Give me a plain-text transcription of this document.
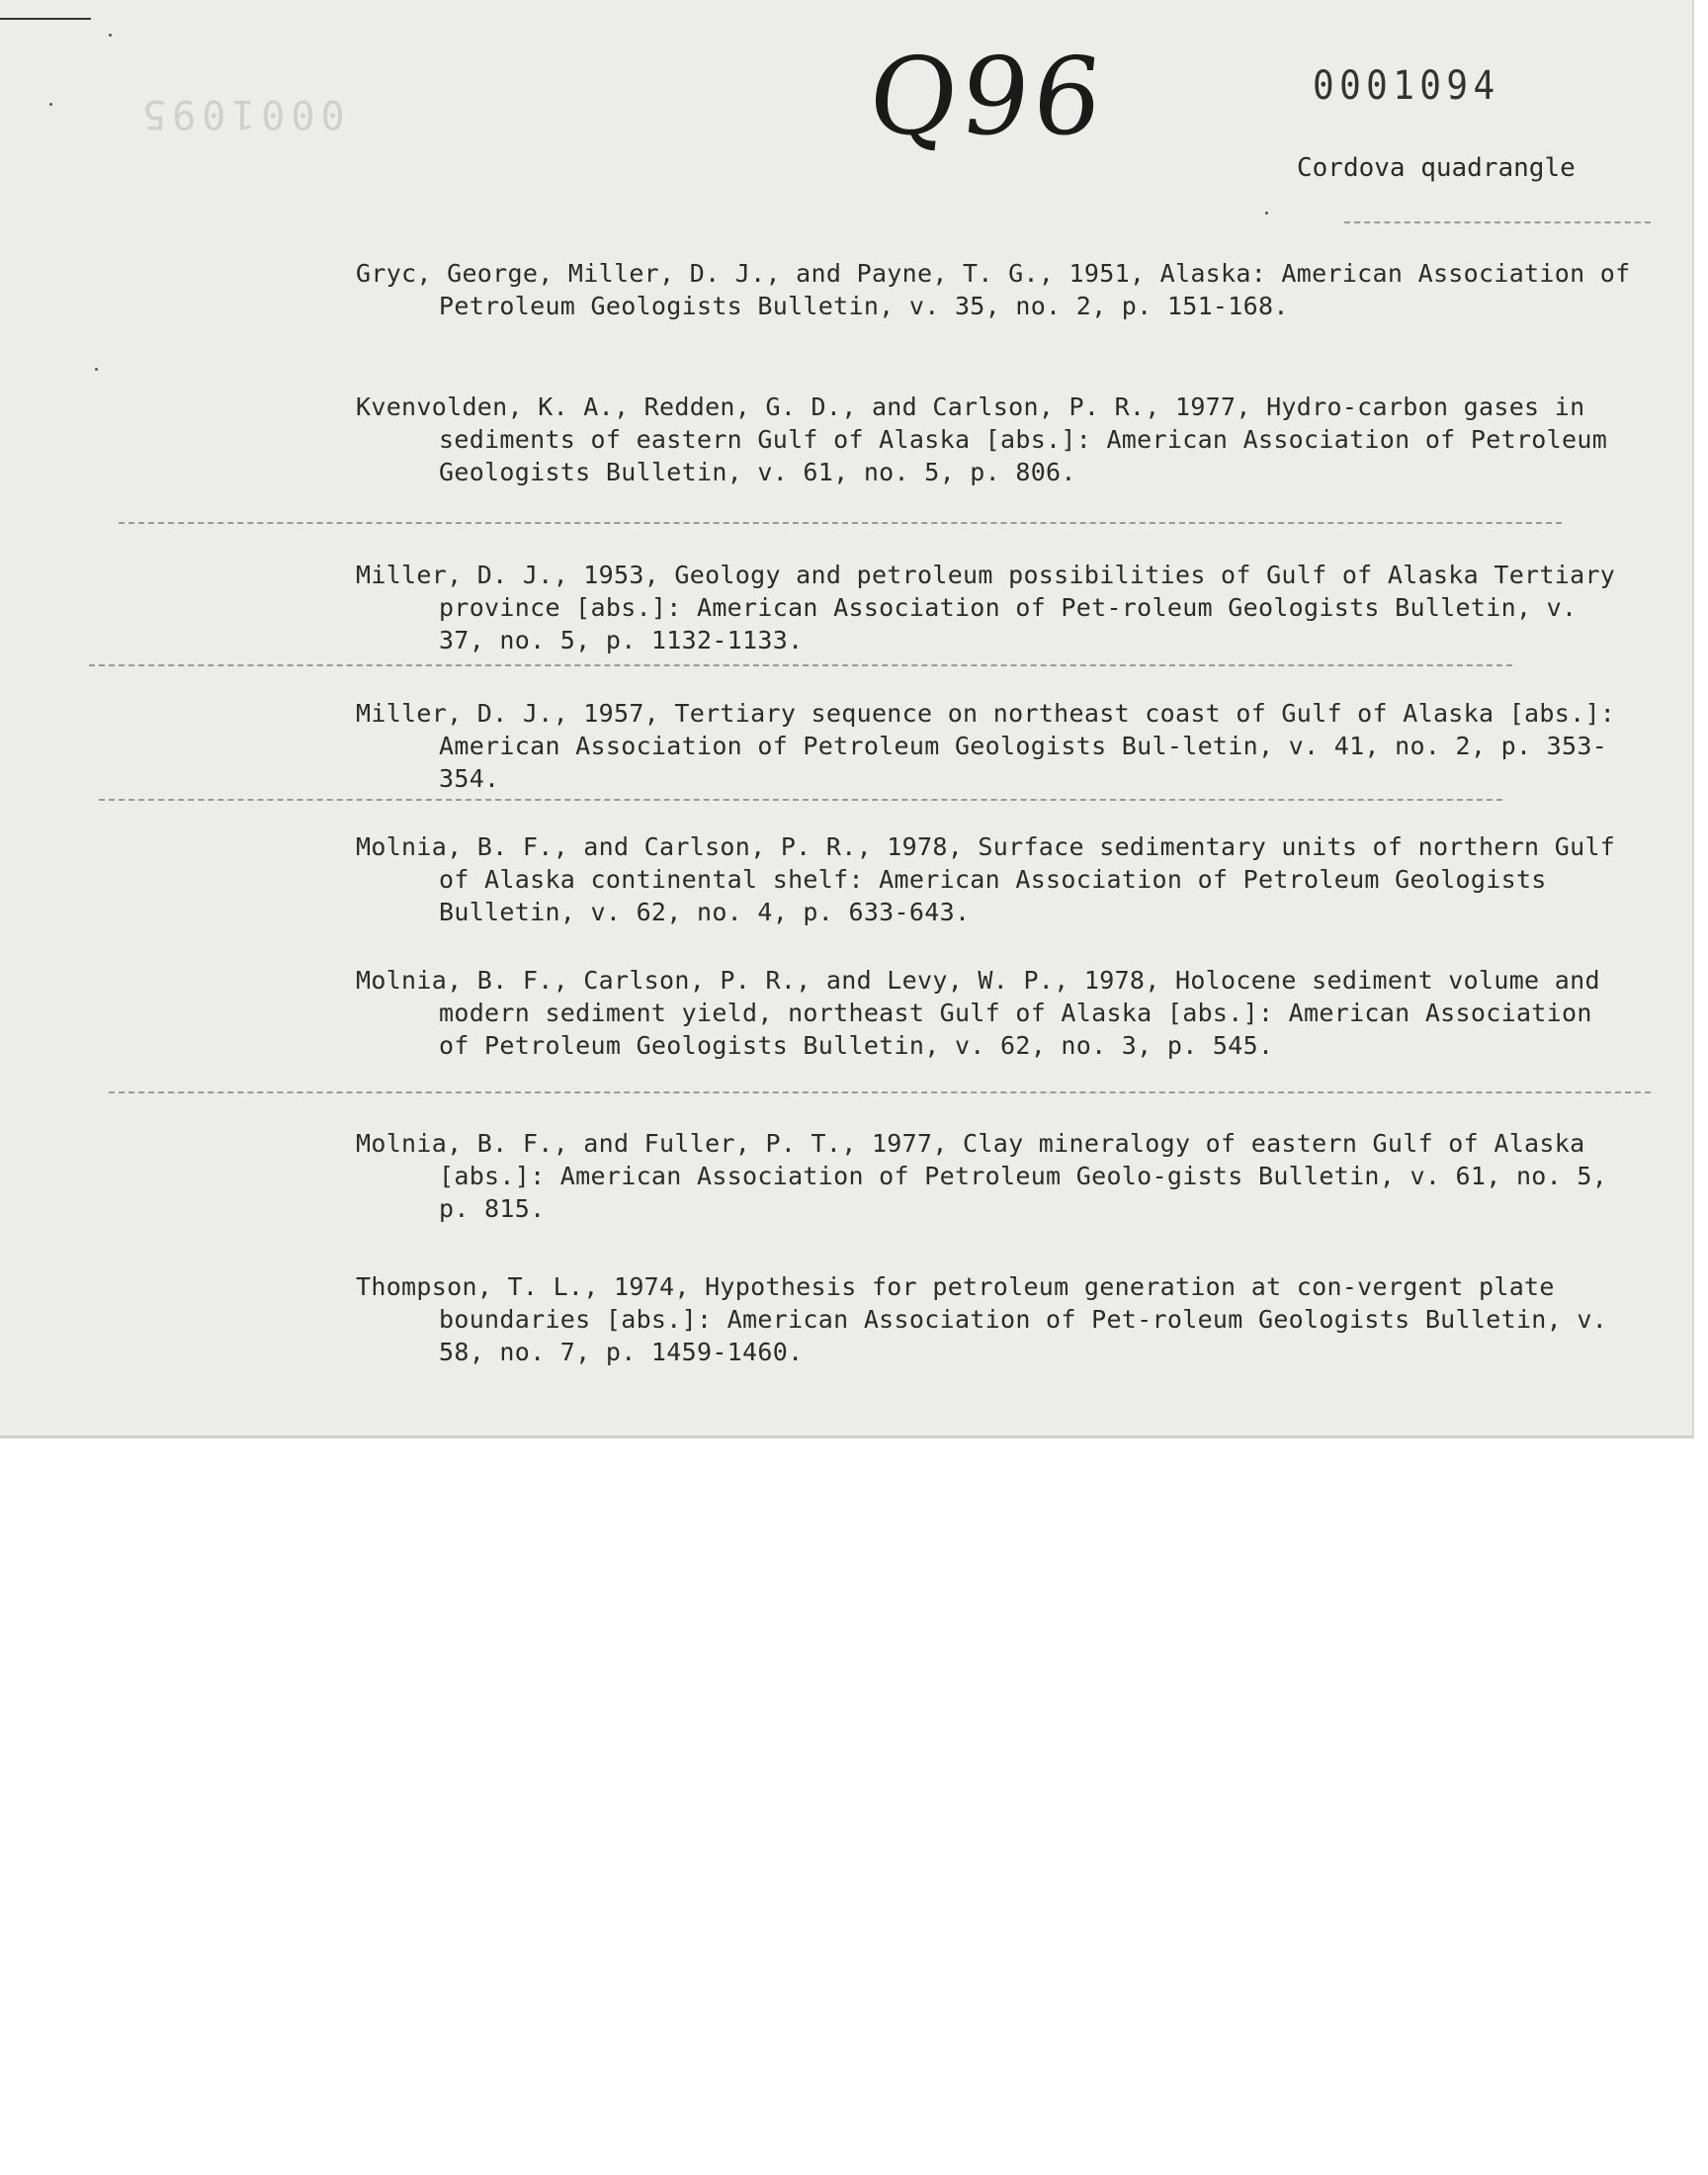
0001095	Q96	0001094
Cordova quadrangle
Gryc, George, Miller, D. J., and Payne, T. G., 1951, Alaska: American Association of Petroleum Geologists Bulletin, v. 35, no. 2, p. 151-168.
Kvenvolden, K. A., Redden, G. D., and Carlson, P. R., 1977, Hydro-carbon gases in sediments of eastern Gulf of Alaska [abs.]: American Association of Petroleum Geologists Bulletin, v. 61, no. 5, p. 806.
Miller, D. J., 1953, Geology and petroleum possibilities of Gulf of Alaska Tertiary province [abs.]: American Association of Pet-roleum Geologists Bulletin, v. 37, no. 5, p. 1132-1133.
Miller, D. J., 1957, Tertiary sequence on northeast coast of Gulf of Alaska [abs.]: American Association of Petroleum Geologists Bul-letin, v. 41, no. 2, p. 353-354.
Molnia, B. F., and Carlson, P. R., 1978, Surface sedimentary units of northern Gulf of Alaska continental shelf: American Association of Petroleum Geologists Bulletin, v. 62, no. 4, p. 633-643.
Molnia, B. F., Carlson, P. R., and Levy, W. P., 1978, Holocene sediment volume and modern sediment yield, northeast Gulf of Alaska [abs.]: American Association of Petroleum Geologists Bulletin, v. 62, no. 3, p. 545.
Molnia, B. F., and Fuller, P. T., 1977, Clay mineralogy of eastern Gulf of Alaska [abs.]: American Association of Petroleum Geolo-gists Bulletin, v. 61, no. 5, p. 815.
Thompson, T. L., 1974, Hypothesis for petroleum generation at con-vergent plate boundaries [abs.]: American Association of Pet-roleum Geologists Bulletin, v. 58, no. 7, p. 1459-1460.
